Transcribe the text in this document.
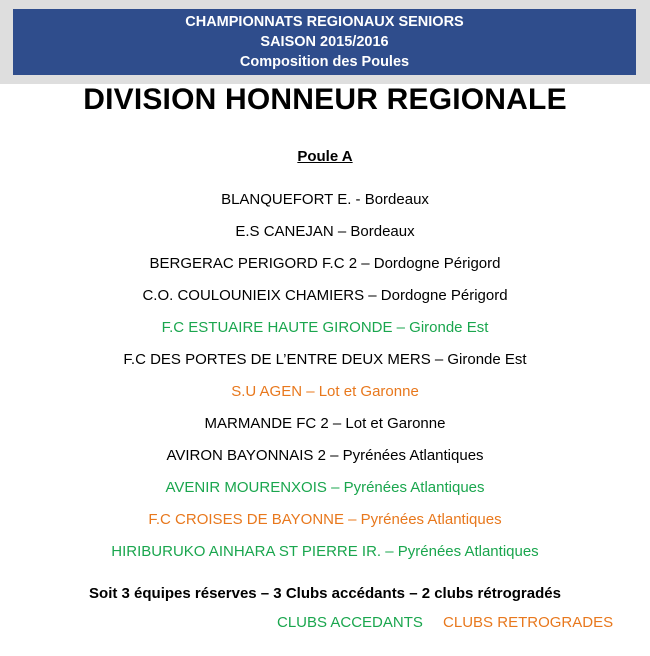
CHAMPIONNATS REGIONAUX SENIORS
SAISON 2015/2016
Composition des Poules
DIVISION HONNEUR REGIONALE
Poule A
BLANQUEFORT E. - Bordeaux
E.S CANEJAN – Bordeaux
BERGERAC PERIGORD F.C 2 – Dordogne Périgord
C.O. COULOUNIEIX CHAMIERS – Dordogne Périgord
F.C ESTUAIRE HAUTE GIRONDE – Gironde Est
F.C DES PORTES DE L’ENTRE DEUX MERS – Gironde Est
S.U AGEN – Lot et Garonne
MARMANDE FC 2 – Lot et Garonne
AVIRON BAYONNAIS 2 – Pyrénées Atlantiques
AVENIR MOURENXOIS – Pyrénées Atlantiques
F.C CROISES DE BAYONNE – Pyrénées Atlantiques
HIRIBURUKO AINHARA ST PIERRE IR. – Pyrénées Atlantiques
Soit 3 équipes réserves – 3 Clubs accédants – 2 clubs rétrogradés
CLUBS ACCEDANTS CLUBS RETROGRADES
